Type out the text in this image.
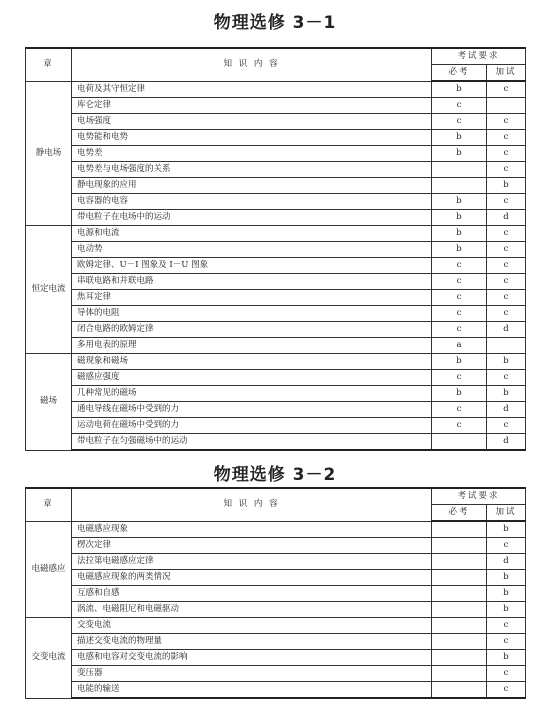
物理选修 3－1
章	知 识 内 容	考试要求	
		必考	加试
静电场	电荷及其守恒定律	b	c
	库仑定律	c	
	电场强度	c	c
	电势能和电势	b	c
	电势差	b	c
	电势差与电场强度的关系		c
	静电现象的应用		b
	电容器的电容	b	c
	带电粒子在电场中的运动	b	d
恒定电流	电源和电流	b	c
	电动势	b	c
	欧姆定律、U－I 图象及 I－U 图象	c	c
	串联电路和并联电路	c	c
	焦耳定律	c	c
	导体的电阻	c	c
	闭合电路的欧姆定律	c	d
	多用电表的原理	a	
磁场	磁现象和磁场	b	b
	磁感应强度	c	c
	几种常见的磁场	b	b
	通电导线在磁场中受到的力	c	d
	运动电荷在磁场中受到的力	c	c
	带电粒子在匀强磁场中的运动		d
物理选修 3－2
章	知 识 内 容	考试要求	
		必考	加试
电磁感应	电磁感应现象		b
	楞次定律		c
	法拉第电磁感应定律		d
	电磁感应现象的两类情况		b
	互感和自感		b
	涡流、电磁阻尼和电磁驱动		b
交变电流	交变电流		c
	描述交变电流的物理量		c
	电感和电容对交变电流的影响		b
	变压器		c
	电能的输送		c
